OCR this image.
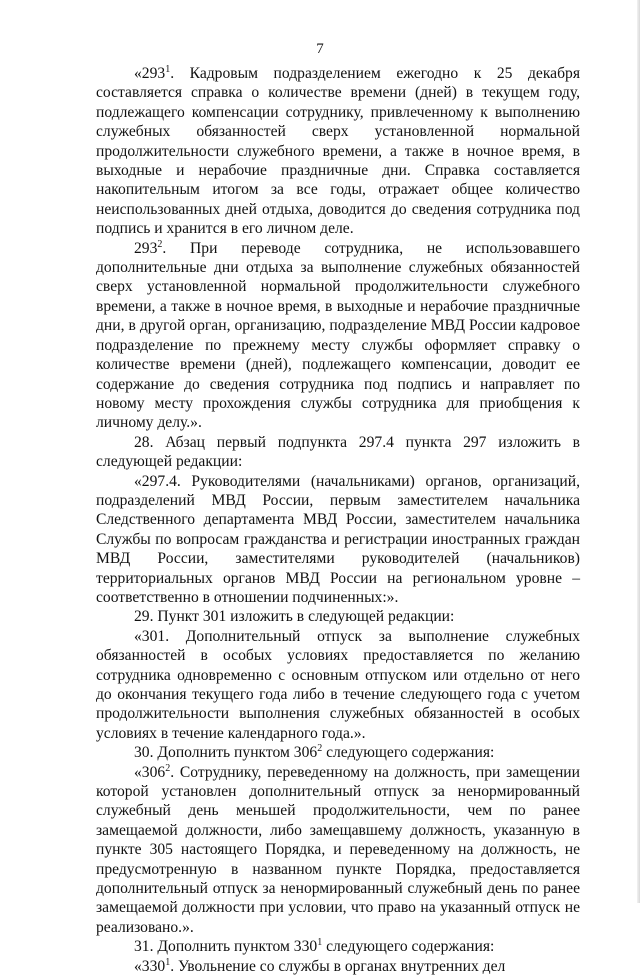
7

«$293^1$. Кадровым подразделением ежегодно к 25 декабря составляется справка о количестве времени (дней) в текущем году, подлежащего компенсации сотруднику, привлеченному к выполнению служебных обязанностей сверх установленной нормальной продолжительности служебного времени, а также в ночное время, в выходные и нерабочие праздничные дни. Справка составляется накопительным итогом за все годы, отражает общее количество неиспользованных дней отдыха, доводится до сведения сотрудника под подпись и хранится в его личном деле.

$293^2$. При переводе сотрудника, не использовавшего дополнительные дни отдыха за выполнение служебных обязанностей сверх установленной нормальной продолжительности служебного времени, а также в ночное время, в выходные и нерабочие праздничные дни, в другой орган, организацию, подразделение МВД России кадровое подразделение по прежнему месту службы оформляет справку о количестве времени (дней), подлежащего компенсации, доводит ее содержание до сведения сотрудника под подпись и направляет по новому месту прохождения службы сотрудника для приобщения к личному делу.».

28. Абзац первый подпункта 297.4 пункта 297 изложить в следующей редакции:

«297.4. Руководителями (начальниками) органов, организаций, подразделений МВД России, первым заместителем начальника Следственного департамента МВД России, заместителем начальника Службы по вопросам гражданства и регистрации иностранных граждан МВД России, заместителями руководителей (начальников) территориальных органов МВД России на региональном уровне – соответственно в отношении подчиненных:».

29. Пункт 301 изложить в следующей редакции:

«301. Дополнительный отпуск за выполнение служебных обязанностей в особых условиях предоставляется по желанию сотрудника одновременно с основным отпуском или отдельно от него до окончания текущего года либо в течение следующего года с учетом продолжительности выполнения служебных обязанностей в особых условиях в течение календарного года.».

30. Дополнить пунктом $306^2$ следующего содержания:

«$306^2$. Сотруднику, переведенному на должность, при замещении которой установлен дополнительный отпуск за ненормированный служебный день меньшей продолжительности, чем по ранее замещаемой должности, либо замещавшему должность, указанную в пункте 305 настоящего Порядка, и переведенному на должность, не предусмотренную в названном пункте Порядка, предоставляется дополнительный отпуск за ненормированный служебный день по ранее замещаемой должности при условии, что право на указанный отпуск не реализовано.».

31. Дополнить пунктом $330^1$ следующего содержания:

«$330^1$. Увольнение со службы в органах внутренних дел
